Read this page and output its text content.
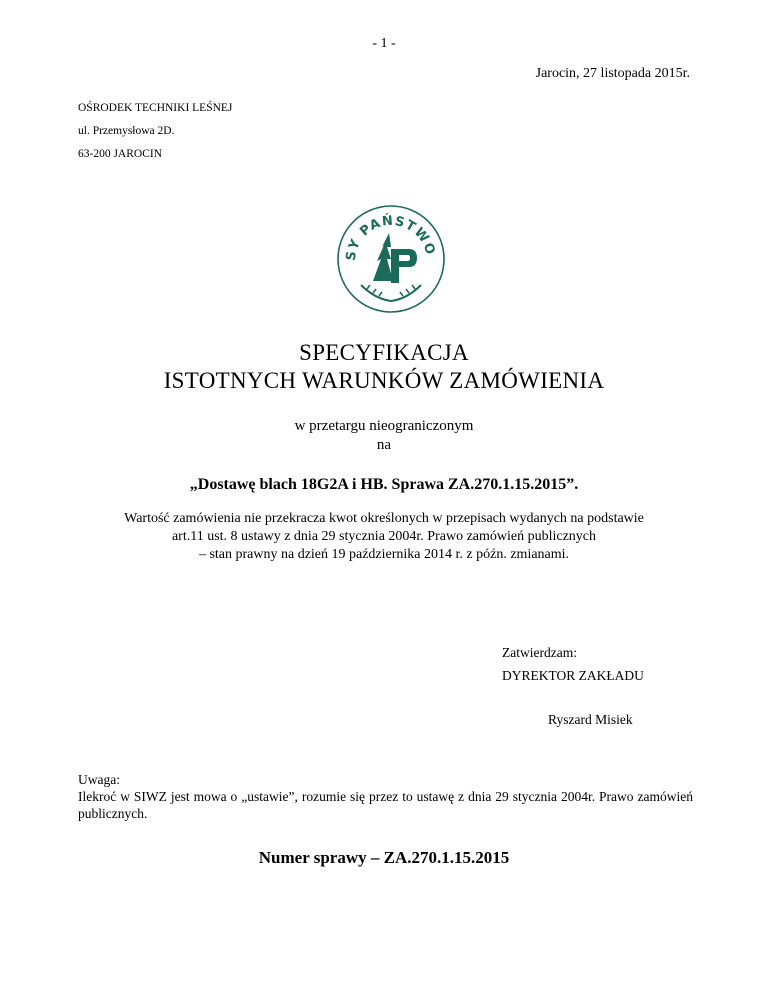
- 1 -
Jarocin, 27 listopada 2015r.
OŚRODEK TECHNIKI LEŚNEJ
ul. Przemysłowa 2D.
63-200 JAROCIN
SY PAŃSTWO
SPECYFIKACJA
ISTOTNYCH WARUNKÓW ZAMÓWIENIA
w przetargu nieograniczonym
na
„Dostawę blach 18G2A i HB. Sprawa ZA.270.1.15.2015”.
Wartość zamówienia nie przekracza kwot określonych w przepisach wydanych na podstawie
art.11 ust. 8 ustawy z dnia 29 stycznia 2004r. Prawo zamówień publicznych
– stan prawny na dzień 19 października 2014 r. z późn. zmianami.
Zatwierdzam:
DYREKTOR ZAKŁADU
Ryszard Misiek
Uwaga:
Ilekroć w SIWZ jest mowa o „ustawie”, rozumie się przez to ustawę z dnia 29 stycznia 2004r. Prawo zamówień publicznych.
Numer sprawy – ZA.270.1.15.2015
